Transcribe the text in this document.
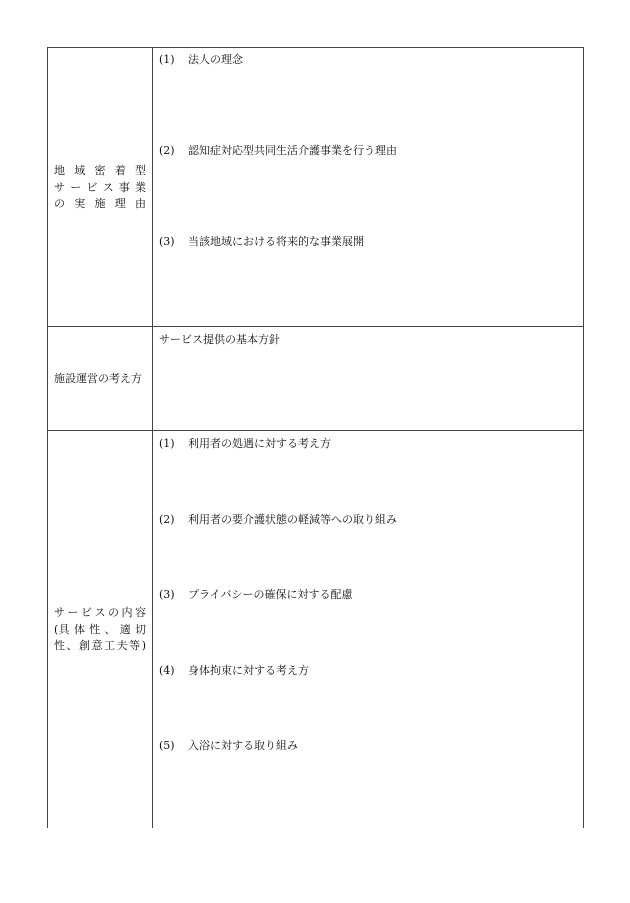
地 域 密 着 型
サ ー ビ ス 事 業
の 実 施 理 由
(1) 法人の理念
(2) 認知症対応型共同生活介護事業を行う理由
(3) 当該地域における将来的な事業展開
施設運営の考え方
サービス提供の基本方針
サービスの内容
(具 体 性 、 適 切
性、創意工夫等)
(1) 利用者の処遇に対する考え方
(2) 利用者の要介護状態の軽減等への取り組み
(3) プライバシーの確保に対する配慮
(4) 身体拘束に対する考え方
(5) 入浴に対する取り組み
